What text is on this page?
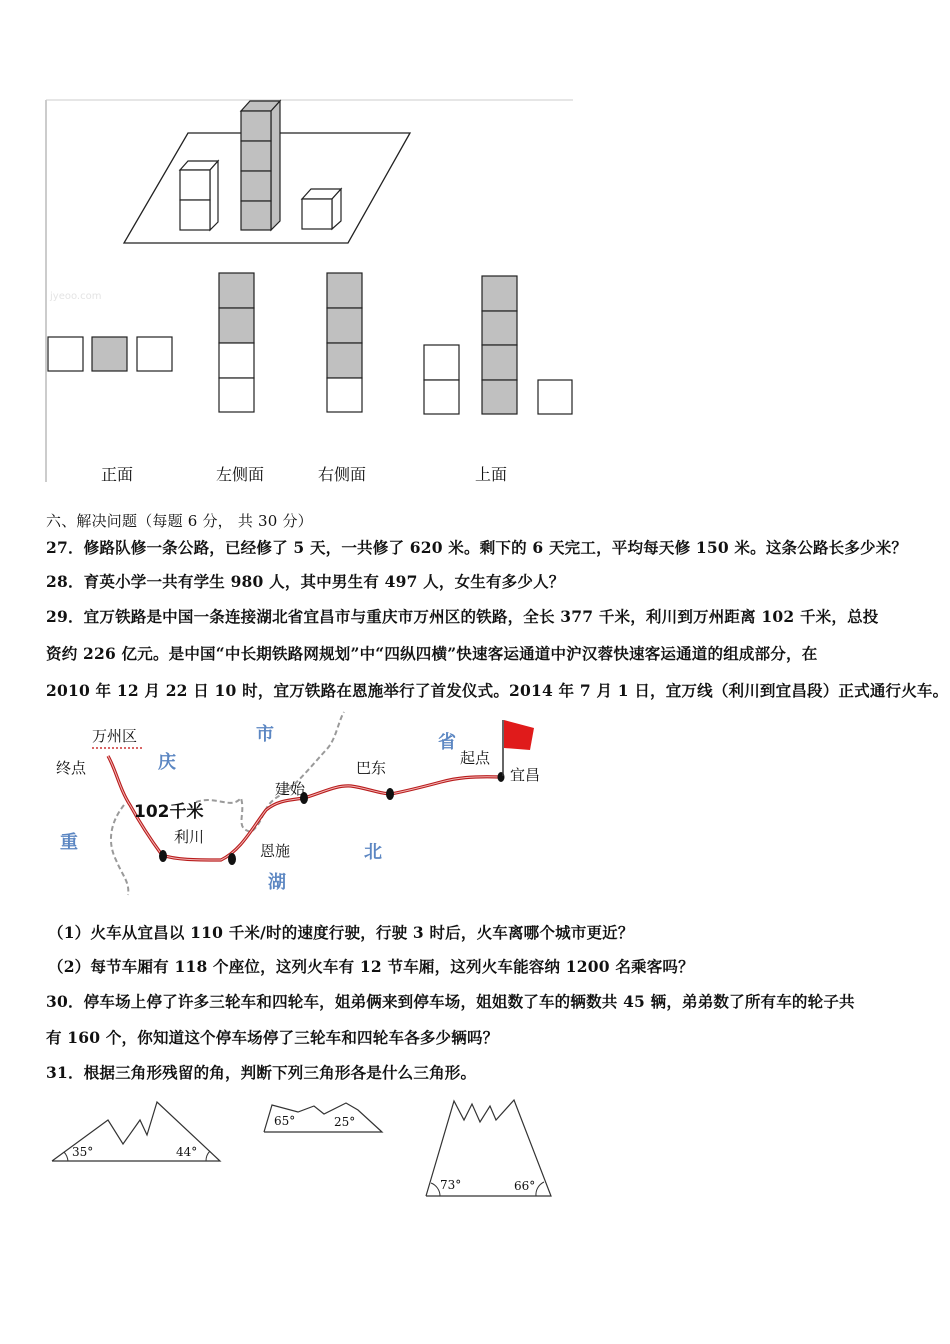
jyeoo.com
正面	左侧面	右侧面	上面
六、解决问题（每题 6 分， 共 30 分）
27．修路队修一条公路，已经修了 5 天，一共修了 620 米。剩下的 6 天完工，平均每天修 150 米。这条公路长多少米？
28．育英小学一共有学生 980 人，其中男生有 497 人，女生有多少人？
29．宜万铁路是中国一条连接湖北省宜昌市与重庆市万州区的铁路，全长 377 千米，利川到万州距离 102 千米，总投
资约 226 亿元。是中国“中长期铁路网规划”中“四纵四横”快速客运通道中沪汉蓉快速客运通道的组成部分，在
2010 年 12 月 22 日 10 时，宜万铁路在恩施举行了首发仪式。2014 年 7 月 1 日，宜万线（利川到宜昌段）正式通行火车。
万州区
终点
102千米
利川
恩施
建始
巴东
起点
宜昌
庆
市	省
重
湖
北
（1）火车从宜昌以 110 千米/时的速度行驶，行驶 3 时后，火车离哪个城市更近？
（2）每节车厢有 118 个座位，这列火车有 12 节车厢，这列火车能容纳 1200 名乘客吗？
30．停车场上停了许多三轮车和四轮车，姐弟俩来到停车场，姐姐数了车的辆数共 45 辆，弟弟数了所有车的轮子共
有 160 个，你知道这个停车场停了三轮车和四轮车各多少辆吗？
31．根据三角形残留的角，判断下列三角形各是什么三角形。
35°	44°
65°	25°
73°	66°
